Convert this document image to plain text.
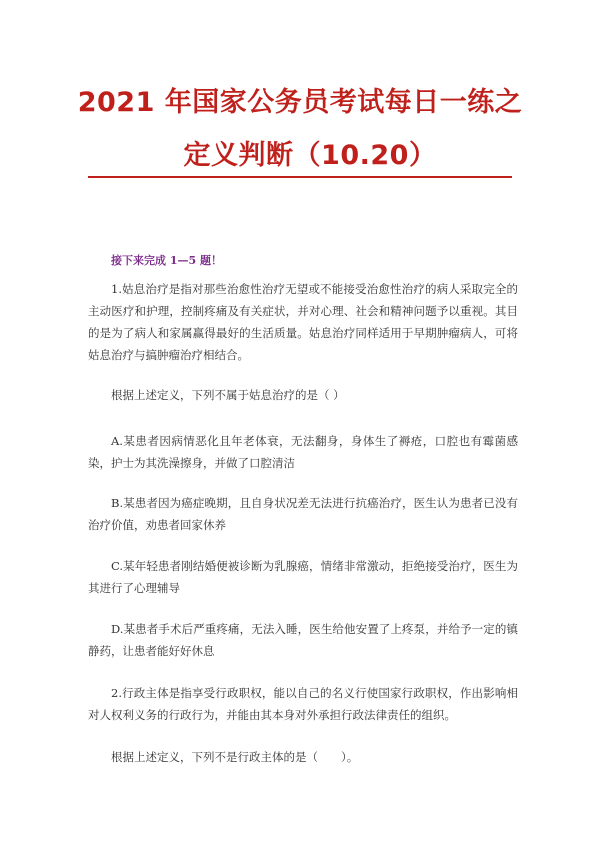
2021 年国家公务员考试每日一练之
定义判断（10.20）
接下来完成 1—5 题！

1.姑息治疗是指对那些治愈性治疗无望或不能接受治愈性治疗的病人采取完全的主动医疗和护理，控制疼痛及有关症状，并对心理、社会和精神问题予以重视。其目的是为了病人和家属赢得最好的生活质量。姑息治疗同样适用于早期肿瘤病人，可将姑息治疗与搞肿瘤治疗相结合。

根据上述定义，下列不属于姑息治疗的是（ ）

A.某患者因病情恶化且年老体衰，无法翻身，身体生了褥疮，口腔也有霉菌感染，护士为其洗澡擦身，并做了口腔清洁

B.某患者因为癌症晚期，且自身状况差无法进行抗癌治疗，医生认为患者已没有治疗价值，劝患者回家休养

C.某年轻患者刚结婚便被诊断为乳腺癌，情绪非常激动，拒绝接受治疗，医生为其进行了心理辅导

D.某患者手术后严重疼痛，无法入睡，医生给他安置了上疼泵，并给予一定的镇静药，让患者能好好休息

2.行政主体是指享受行政职权，能以自己的名义行使国家行政职权，作出影响相对人权利义务的行政行为，并能由其本身对外承担行政法律责任的组织。

根据上述定义，下列不是行政主体的是（　　）。
